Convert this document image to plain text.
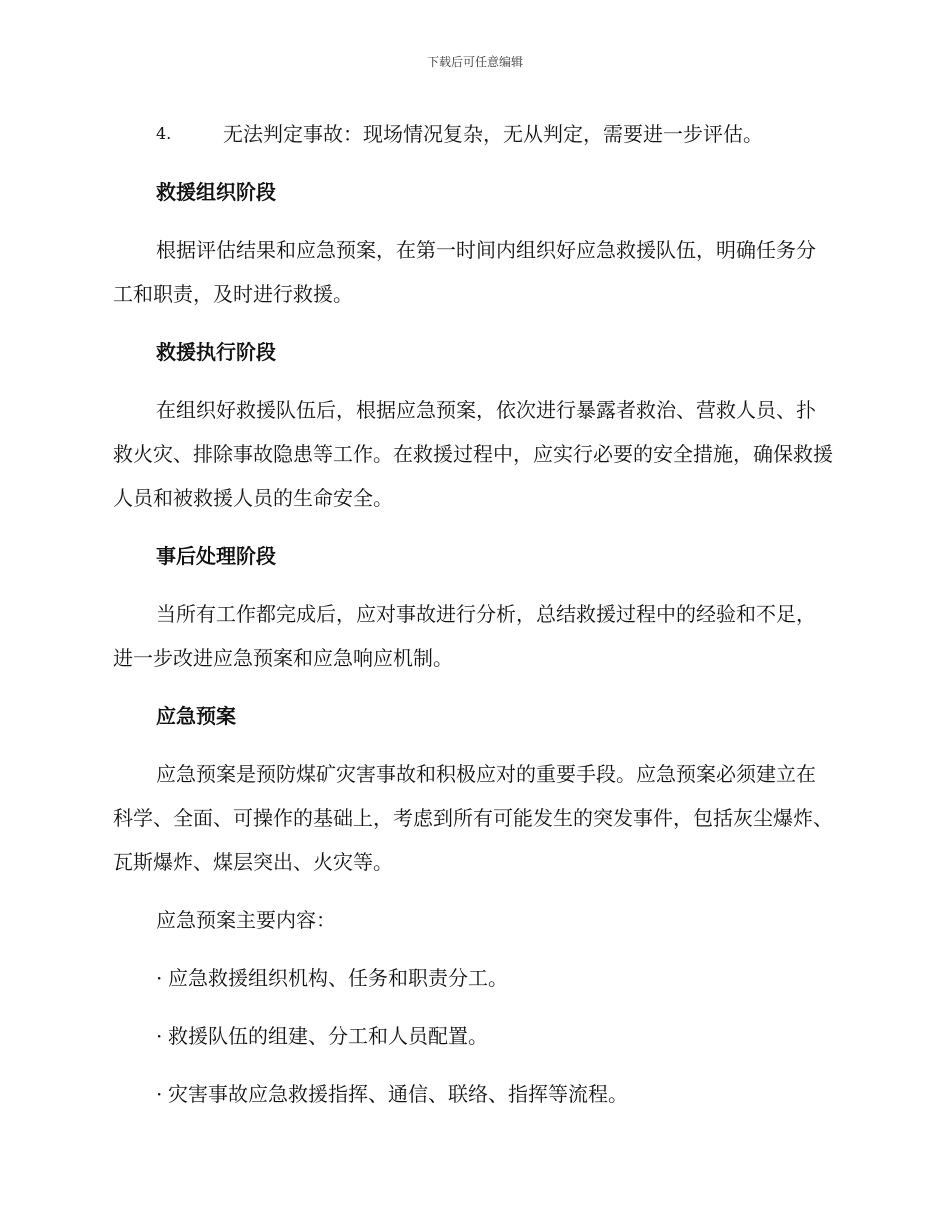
下载后可任意编辑
4.	无法判定事故：现场情况复杂，无从判定，需要进一步评估。
救援组织阶段

根据评估结果和应急预案，在第一时间内组织好应急救援队伍，明确任务分工和职责，及时进行救援。

救援执行阶段

在组织好救援队伍后，根据应急预案，依次进行暴露者救治、营救人员、扑救火灾、排除事故隐患等工作。在救援过程中，应实行必要的安全措施，确保救援人员和被救援人员的生命安全。

事后处理阶段

当所有工作都完成后，应对事故进行分析，总结救援过程中的经验和不足，进一步改进应急预案和应急响应机制。

应急预案

应急预案是预防煤矿灾害事故和积极应对的重要手段。应急预案必须建立在科学、全面、可操作的基础上，考虑到所有可能发生的突发事件，包括灰尘爆炸、瓦斯爆炸、煤层突出、火灾等。

应急预案主要内容：

· 应急救援组织机构、任务和职责分工。
· 救援队伍的组建、分工和人员配置。
· 灾害事故应急救援指挥、通信、联络、指挥等流程。
